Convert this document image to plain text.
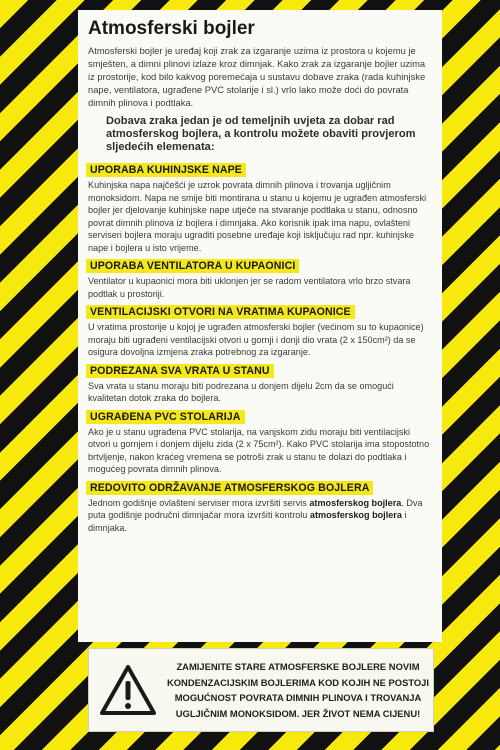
Atmosferski bojler

Atmosferski bojler je uređaj koji zrak za izgaranje uzima iz prostora u kojemu je smješten, a dimni plinovi izlaze kroz dimnjak. Kako zrak za izgaranje bojler uzima iz prostorije, kod bilo kakvog poremećaja u sustavu dobave zraka (rada kuhinjske nape, ventilatora, ugrađene PVC stolarije i sl.) vrlo lako može doći do povrata dimnih plinova i podtlaka.

Dobava zraka jedan je od temeljnih uvjeta za dobar rad atmosferskog bojlera, a kontrolu možete obaviti provjerom sljedećih elemenata:

UPORABA KUHINJSKE NAPE

Kuhinjska napa najčešći je uzrok povrata dimnih plinova i trovanja ugljičnim monoksidom. Napa ne smije biti montirana u stanu u kojemu je ugrađen atmosferski bojler jer djelovanje kuhinjske nape utječe na stvaranje podtlaka u stanu, odnosno povrat dimnih plinova iz bojlera i dimnjaka. Ako korisnik ipak ima napu, ovlašteni serviseri bojlera moraju ugraditi posebne uređaje koji isključuju rad npr. kuhinjske nape i bojlera u isto vrijeme.

UPORABA VENTILATORA U KUPAONICI

Ventilator u kupaonici mora biti uklonjen jer se radom ventilatora vrlo brzo stvara podtlak u prostoriji.

VENTILACIJSKI OTVORI NA VRATIMA KUPAONICE

U vratima prostorije u kojoj je ugrađen atmosferski bojler (većinom su to kupaonice) moraju biti ugrađeni ventilacijski otvori u gornji i donji dio vrata (2 x 150cm²) da se osigura dovoljna izmjena zraka potrebnog za izgaranje.

PODREZANA SVA VRATA U STANU

Sva vrata u stanu moraju biti podrezana u donjem dijelu 2cm da se omogući kvalitetan dotok zraka do bojlera.

UGRAĐENA PVC STOLARIJA

Ako je u stanu ugrađena PVC stolarija, na vanjskom zidu moraju biti ventilacijski otvori u gornjem i donjem dijelu zida (2 x 75cm²). Kako PVC stolarija ima stopostotno brtvljenje, nakon kraćeg vremena se potroši zrak u stanu te dolazi do podtlaka i mogućeg povrata dimnih plinova.

REDOVITO ODRŽAVANJE ATMOSFERSKOG BOJLERA

Jednom godišnje ovlašteni serviser mora izvršiti servis atmosferskog bojlera. Dva puta godišnje područni dimnjačar mora izvršiti kontrolu atmosferskog bojlera i dimnjaka.

ZAMIJENITE STARE ATMOSFERSKE BOJLERE NOVIM
KONDENZACIJSKIM BOJLERIMA KOD KOJIH NE POSTOJI
MOGUĆNOST POVRATA DIMNIH PLINOVA I TROVANJA
UGLJIČNIM MONOKSIDOM. JER ŽIVOT NEMA CIJENU!
